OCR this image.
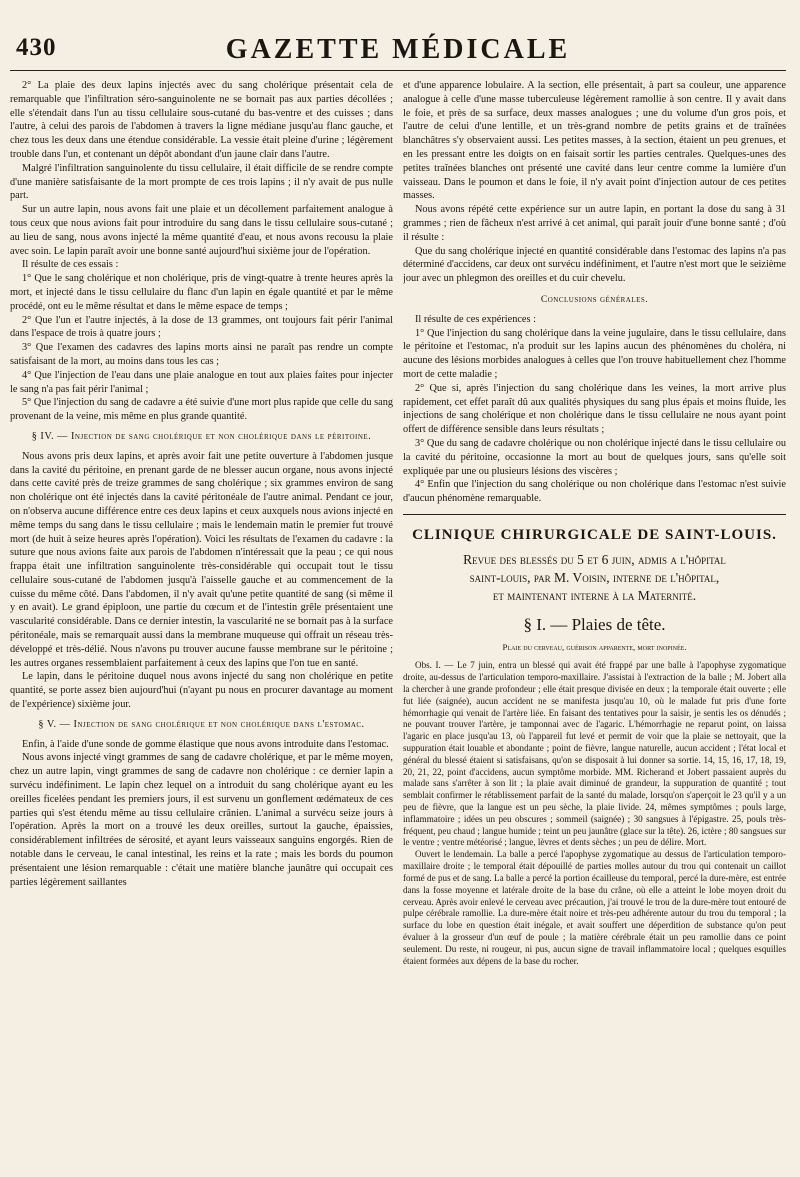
430	GAZETTE MÉDICALE

2° La plaie des deux lapins injectés avec du sang cholérique présentait cela de remarquable que l'infiltration séro-sanguinolente ne se bornait pas aux parties décollées ; elle s'étendait dans l'un au tissu cellulaire sous-cutané du bas-ventre et des cuisses ; dans l'autre, à celui des parois de l'abdomen à travers la ligne médiane jusqu'au flanc gauche, et chez tous les deux dans une étendue considérable. La vessie était pleine d'urine ; légèrement trouble dans l'un, et contenant un dépôt abondant d'un jaune clair dans l'autre.

Malgré l'infiltration sanguinolente du tissu cellulaire, il était difficile de se rendre compte d'une manière satisfaisante de la mort prompte de ces trois lapins ; il n'y avait de pus nulle part.

Sur un autre lapin, nous avons fait une plaie et un décollement parfaitement analogue à tous ceux que nous avions fait pour introduire du sang dans le tissu cellulaire sous-cutané ; au lieu de sang, nous avons injecté la même quantité d'eau, et nous avons recousu la plaie avec soin. Le lapin paraît avoir une bonne santé aujourd'hui sixième jour de l'opération.

Il résulte de ces essais :

1° Que le sang cholérique et non cholérique, pris de vingt-quatre à trente heures après la mort, et injecté dans le tissu cellulaire du flanc d'un lapin en égale quantité et par le même procédé, ont eu le même résultat et dans le même espace de temps ;

2° Que l'un et l'autre injectés, à la dose de 13 grammes, ont toujours fait périr l'animal dans l'espace de trois à quatre jours ;

3° Que l'examen des cadavres des lapins morts ainsi ne paraît pas rendre un compte satisfaisant de la mort, au moins dans tous les cas ;

4° Que l'injection de l'eau dans une plaie analogue en tout aux plaies faites pour injecter le sang n'a pas fait périr l'animal ;

5° Que l'injection du sang de cadavre a été suivie d'une mort plus rapide que celle du sang provenant de la veine, mis même en plus grande quantité.

§ IV. — Injection de sang cholérique et non cholérique dans le péritoine.

Nous avons pris deux lapins, et après avoir fait une petite ouverture à l'abdomen jusque dans la cavité du péritoine, en prenant garde de ne blesser aucun organe, nous avons injecté dans cette cavité près de treize grammes de sang cholérique ; six grammes environ de sang non cholérique ont été injectés dans la cavité péritonéale de l'autre animal. Pendant ce jour, on n'observa aucune différence entre ces deux lapins et ceux auxquels nous avions injecté en même temps du sang dans le tissu cellulaire ; mais le lendemain matin le premier fut trouvé mort (de huit à seize heures après l'opération). Voici les résultats de l'examen du cadavre : la suture que nous avions faite aux parois de l'abdomen n'intéressait que la peau ; ce qui nous frappa était une infiltration sanguinolente très-considérable qui occupait tout le tissu cellulaire sous-cutané de l'abdomen jusqu'à l'aisselle gauche et au commencement de la cuisse du même côté. Dans l'abdomen, il n'y avait qu'une petite quantité de sang (si même il y en avait). Le grand épiploon, une partie du cœcum et de l'intestin grêle présentaient une vascularité considérable. Dans ce dernier intestin, la vascularité ne se bornait pas à la surface péritonéale, mais se remarquait aussi dans la membrane muqueuse qui offrait un réseau très-développé et très-délié. Nous n'avons pu trouver aucune fausse membrane sur le péritoine ; les autres organes ressemblaient parfaitement à ceux des lapins que l'on tue en santé.

Le lapin, dans le péritoine duquel nous avons injecté du sang non cholérique en petite quantité, se porte assez bien aujourd'hui (n'ayant pu nous en procurer davantage au moment de l'expérience) sixième jour.

§ V. — Injection de sang cholérique et non cholérique dans l'estomac.

Enfin, à l'aide d'une sonde de gomme élastique que nous avons introduite dans l'estomac.

Nous avons injecté vingt grammes de sang de cadavre cholérique, et par le même moyen, chez un autre lapin, vingt grammes de sang de cadavre non cholérique : ce dernier lapin a survécu indéfiniment. Le lapin chez lequel on a introduit du sang cholérique ayant eu les oreilles ficelées pendant les premiers jours, il est survenu un gonflement œdémateux de ces parties qui s'est étendu même au tissu cellulaire crânien. L'animal a survécu seize jours à l'opération. Après la mort on a trouvé les deux oreilles, surtout la gauche, épaissies, considérablement infiltrées de sérosité, et ayant leurs vaisseaux sanguins engorgés. Rien de notable dans le cerveau, le canal intestinal, les reins et la rate ; mais les bords du poumon présentaient une lésion remarquable : c'était une matière blanche jaunâtre qui occupait ces parties légèrement saillantes

et d'une apparence lobulaire. A la section, elle présentait, à part sa couleur, une apparence analogue à celle d'une masse tuberculeuse légèrement ramollie à son centre. Il y avait dans le foie, et près de sa surface, deux masses analogues ; une du volume d'un gros pois, et l'autre de celui d'une lentille, et un très-grand nombre de petits grains et de traînées blanchâtres s'y observaient aussi. Les petites masses, à la section, étaient un peu grenues, et en les pressant entre les doigts on en faisait sortir les parties centrales. Quelques-unes des petites traînées blanches ont présenté une cavité dans leur centre comme la lumière d'un vaisseau. Dans le poumon et dans le foie, il n'y avait point d'injection autour de ces petites masses.

Nous avons répété cette expérience sur un autre lapin, en portant la dose du sang à 31 grammes ; rien de fâcheux n'est arrivé à cet animal, qui paraît jouir d'une bonne santé ; d'où il résulte :

Que du sang cholérique injecté en quantité considérable dans l'estomac des lapins n'a pas déterminé d'accidens, car deux ont survécu indéfiniment, et l'autre n'est mort que le seizième jour avec un phlegmon des oreilles et du cuir chevelu.

Conclusions générales.

Il résulte de ces expériences :

1° Que l'injection du sang cholérique dans la veine jugulaire, dans le tissu cellulaire, dans le péritoine et l'estomac, n'a produit sur les lapins aucun des phénomènes du choléra, ni aucune des lésions morbides analogues à celles que l'on trouve habituellement chez l'homme mort de cette maladie ;

2° Que si, après l'injection du sang cholérique dans les veines, la mort arrive plus rapidement, cet effet paraît dû aux qualités physiques du sang plus épais et moins fluide, les injections de sang cholérique et non cholérique dans le tissu cellulaire ne nous ayant point offert de différence sensible dans leurs résultats ;

3° Que du sang de cadavre cholérique ou non cholérique injecté dans le tissu cellulaire ou la cavité du péritoine, occasionne la mort au bout de quelques jours, sans qu'elle soit expliquée par une ou plusieurs lésions des viscères ;

4° Enfin que l'injection du sang cholérique ou non cholérique dans l'estomac n'est suivie d'aucun phénomène remarquable.

CLINIQUE CHIRURGICALE DE SAINT-LOUIS.
Revue des blessés du 5 et 6 juin, admis a l'hôpital
saint-louis, par M. Voisin, interne de l'hôpital,
et maintenant interne à la Maternité.
§ I. — Plaies de tête.
Plaie du cerveau, guérison apparente, mort inopinée.

Obs. I. — Le 7 juin, entra un blessé qui avait été frappé par une balle à l'apophyse zygomatique droite, au-dessus de l'articulation temporo-maxillaire. J'assistai à l'extraction de la balle ; M. Jobert alla la chercher à une grande profondeur ; elle était presque divisée en deux ; la temporale était ouverte ; elle fut liée (saignée), aucun accident ne se manifesta jusqu'au 10, où le malade fut pris d'une forte hémorrhagie qui venait de l'artère liée. En faisant des tentatives pour la saisir, je sentis les os dénudés ; ne pouvant trouver l'artère, je tamponnai avec de l'agaric. L'hémorrhagie ne reparut point, on laissa l'agaric en place jusqu'au 13, où l'appareil fut levé et permit de voir que la plaie se nettoyait, que la suppuration était louable et abondante ; point de fièvre, langue naturelle, aucun accident ; l'état local et général du blessé étaient si satisfaisans, qu'on se disposait à lui donner sa sortie. 14, 15, 16, 17, 18, 19, 20, 21, 22, point d'accidens, aucun symptôme morbide. MM. Richerand et Jobert passaient auprès du malade sans s'arrêter à son lit ; la plaie avait diminué de grandeur, la suppuration de quantité ; tout semblait confirmer le rétablissement parfait de la santé du malade, lorsqu'on s'aperçoit le 23 qu'il y a un peu de fièvre, que la langue est un peu sèche, la plaie livide. 24, mêmes symptômes ; pouls large, inflammatoire ; idées un peu obscures ; sommeil (saignée) ; 30 sangsues à l'épigastre. 25, pouls très-fréquent, peu chaud ; langue humide ; teint un peu jaunâtre (glace sur la tête). 26, ictère ; 80 sangsues sur le ventre ; ventre météorisé ; langue, lèvres et dents sèches ; un peu de délire. Mort.

Ouvert le lendemain. La balle a percé l'apophyse zygomatique au dessus de l'articulation temporo-maxillaire droite ; le temporal était dépouillé de parties molles autour du trou qui contenait un caillot formé de pus et de sang. La balle a percé la portion écailleuse du temporal, percé la dure-mère, est entrée dans la fosse moyenne et latérale droite de la base du crâne, où elle a atteint le lobe moyen droit du cerveau. Après avoir enlevé le cerveau avec précaution, j'ai trouvé le trou de la dure-mère tout entouré de pulpe cérébrale ramollie. La dure-mère était noire et très-peu adhérente autour du trou du temporal ; la surface du lobe en question était inégale, et avait souffert une déperdition de substance qu'on peut évaluer à la grosseur d'un œuf de poule ; la matière cérébrale était un peu ramollie dans ce point seulement. Du reste, ni rougeur, ni pus, aucun signe de travail inflammatoire local ; quelques esquilles étaient formées aux dépens de la base du rocher.
